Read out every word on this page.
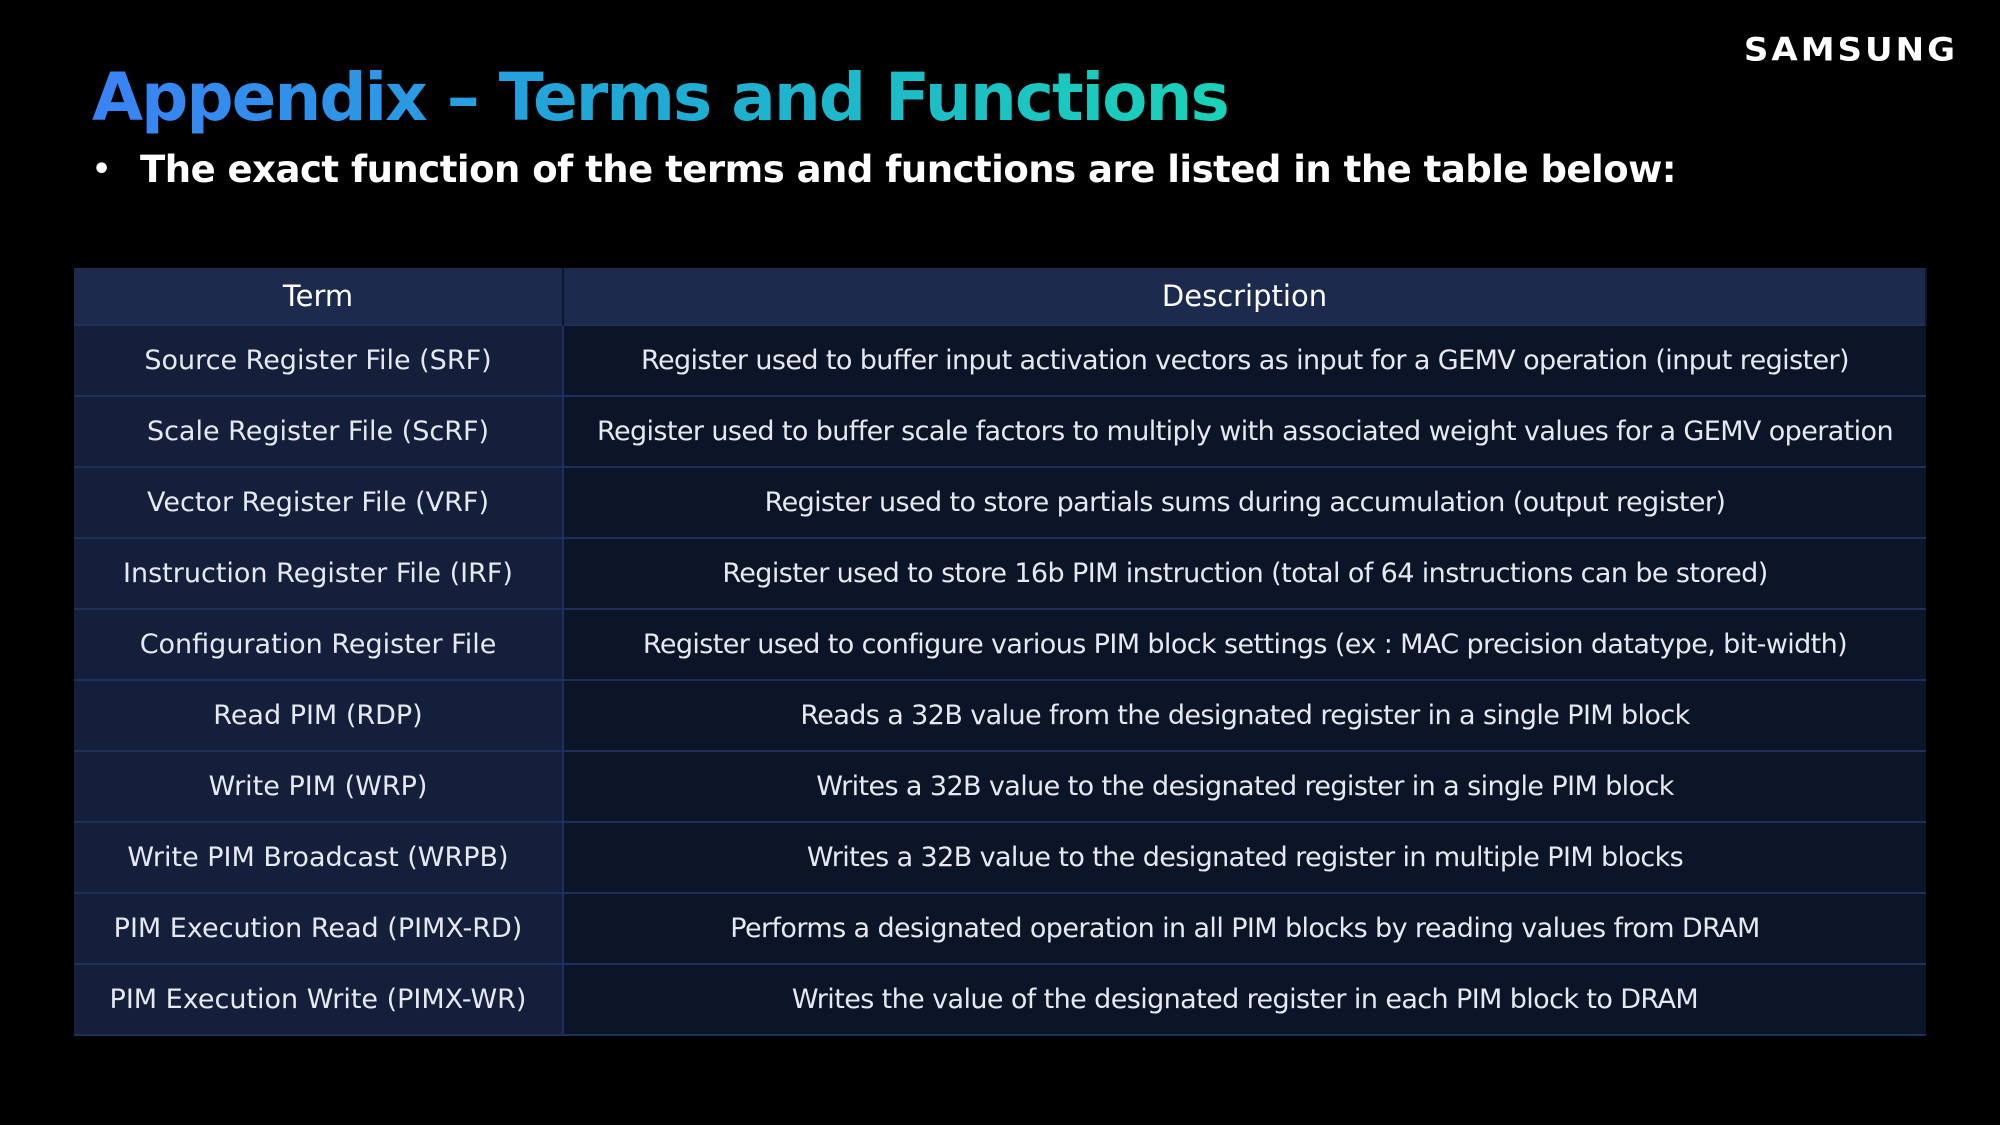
SAMSUNG
Appendix – Terms and Functions
• The exact function of the terms and functions are listed in the table below:
Term	Description
Source Register File (SRF)	Register used to buffer input activation vectors as input for a GEMV operation (input register)
Scale Register File (ScRF)	Register used to buffer scale factors to multiply with associated weight values for a GEMV operation
Vector Register File (VRF)	Register used to store partials sums during accumulation (output register)
Instruction Register File (IRF)	Register used to store 16b PIM instruction (total of 64 instructions can be stored)
Configuration Register File	Register used to configure various PIM block settings (ex : MAC precision datatype, bit-width)
Read PIM (RDP)	Reads a 32B value from the designated register in a single PIM block
Write PIM (WRP)	Writes a 32B value to the designated register in a single PIM block
Write PIM Broadcast (WRPB)	Writes a 32B value to the designated register in multiple PIM blocks
PIM Execution Read (PIMX-RD)	Performs a designated operation in all PIM blocks by reading values from DRAM
PIM Execution Write (PIMX-WR)	Writes the value of the designated register in each PIM block to DRAM
